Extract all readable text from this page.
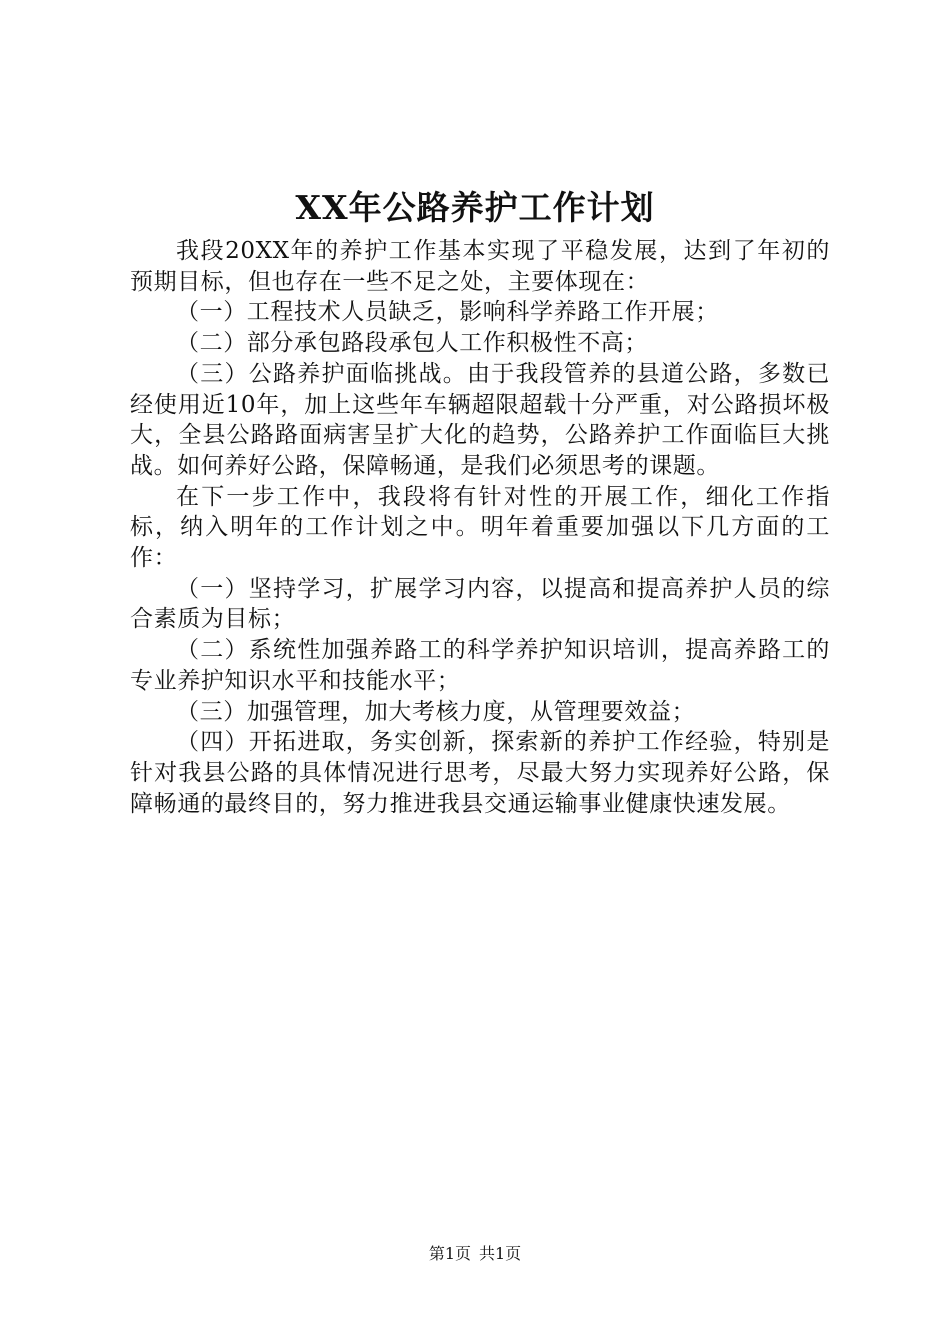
XX年公路养护工作计划

我段20XX年的养护工作基本实现了平稳发展，达到了年初的预期目标，但也存在一些不足之处，主要体现在：

（一）工程技术人员缺乏，影响科学养路工作开展；

（二）部分承包路段承包人工作积极性不高；

（三）公路养护面临挑战。由于我段管养的县道公路，多数已经使用近10年，加上这些年车辆超限超载十分严重，对公路损坏极大，全县公路路面病害呈扩大化的趋势，公路养护工作面临巨大挑战。如何养好公路，保障畅通，是我们必须思考的课题。

在下一步工作中，我段将有针对性的开展工作，细化工作指标，纳入明年的工作计划之中。明年着重要加强以下几方面的工作：

（一）坚持学习，扩展学习内容，以提高和提高养护人员的综合素质为目标；

（二）系统性加强养路工的科学养护知识培训，提高养路工的专业养护知识水平和技能水平；

（三）加强管理，加大考核力度，从管理要效益；

（四）开拓进取，务实创新，探索新的养护工作经验，特别是针对我县公路的具体情况进行思考，尽最大努力实现养好公路，保障畅通的最终目的，努力推进我县交通运输事业健康快速发展。

第1页 共1页
